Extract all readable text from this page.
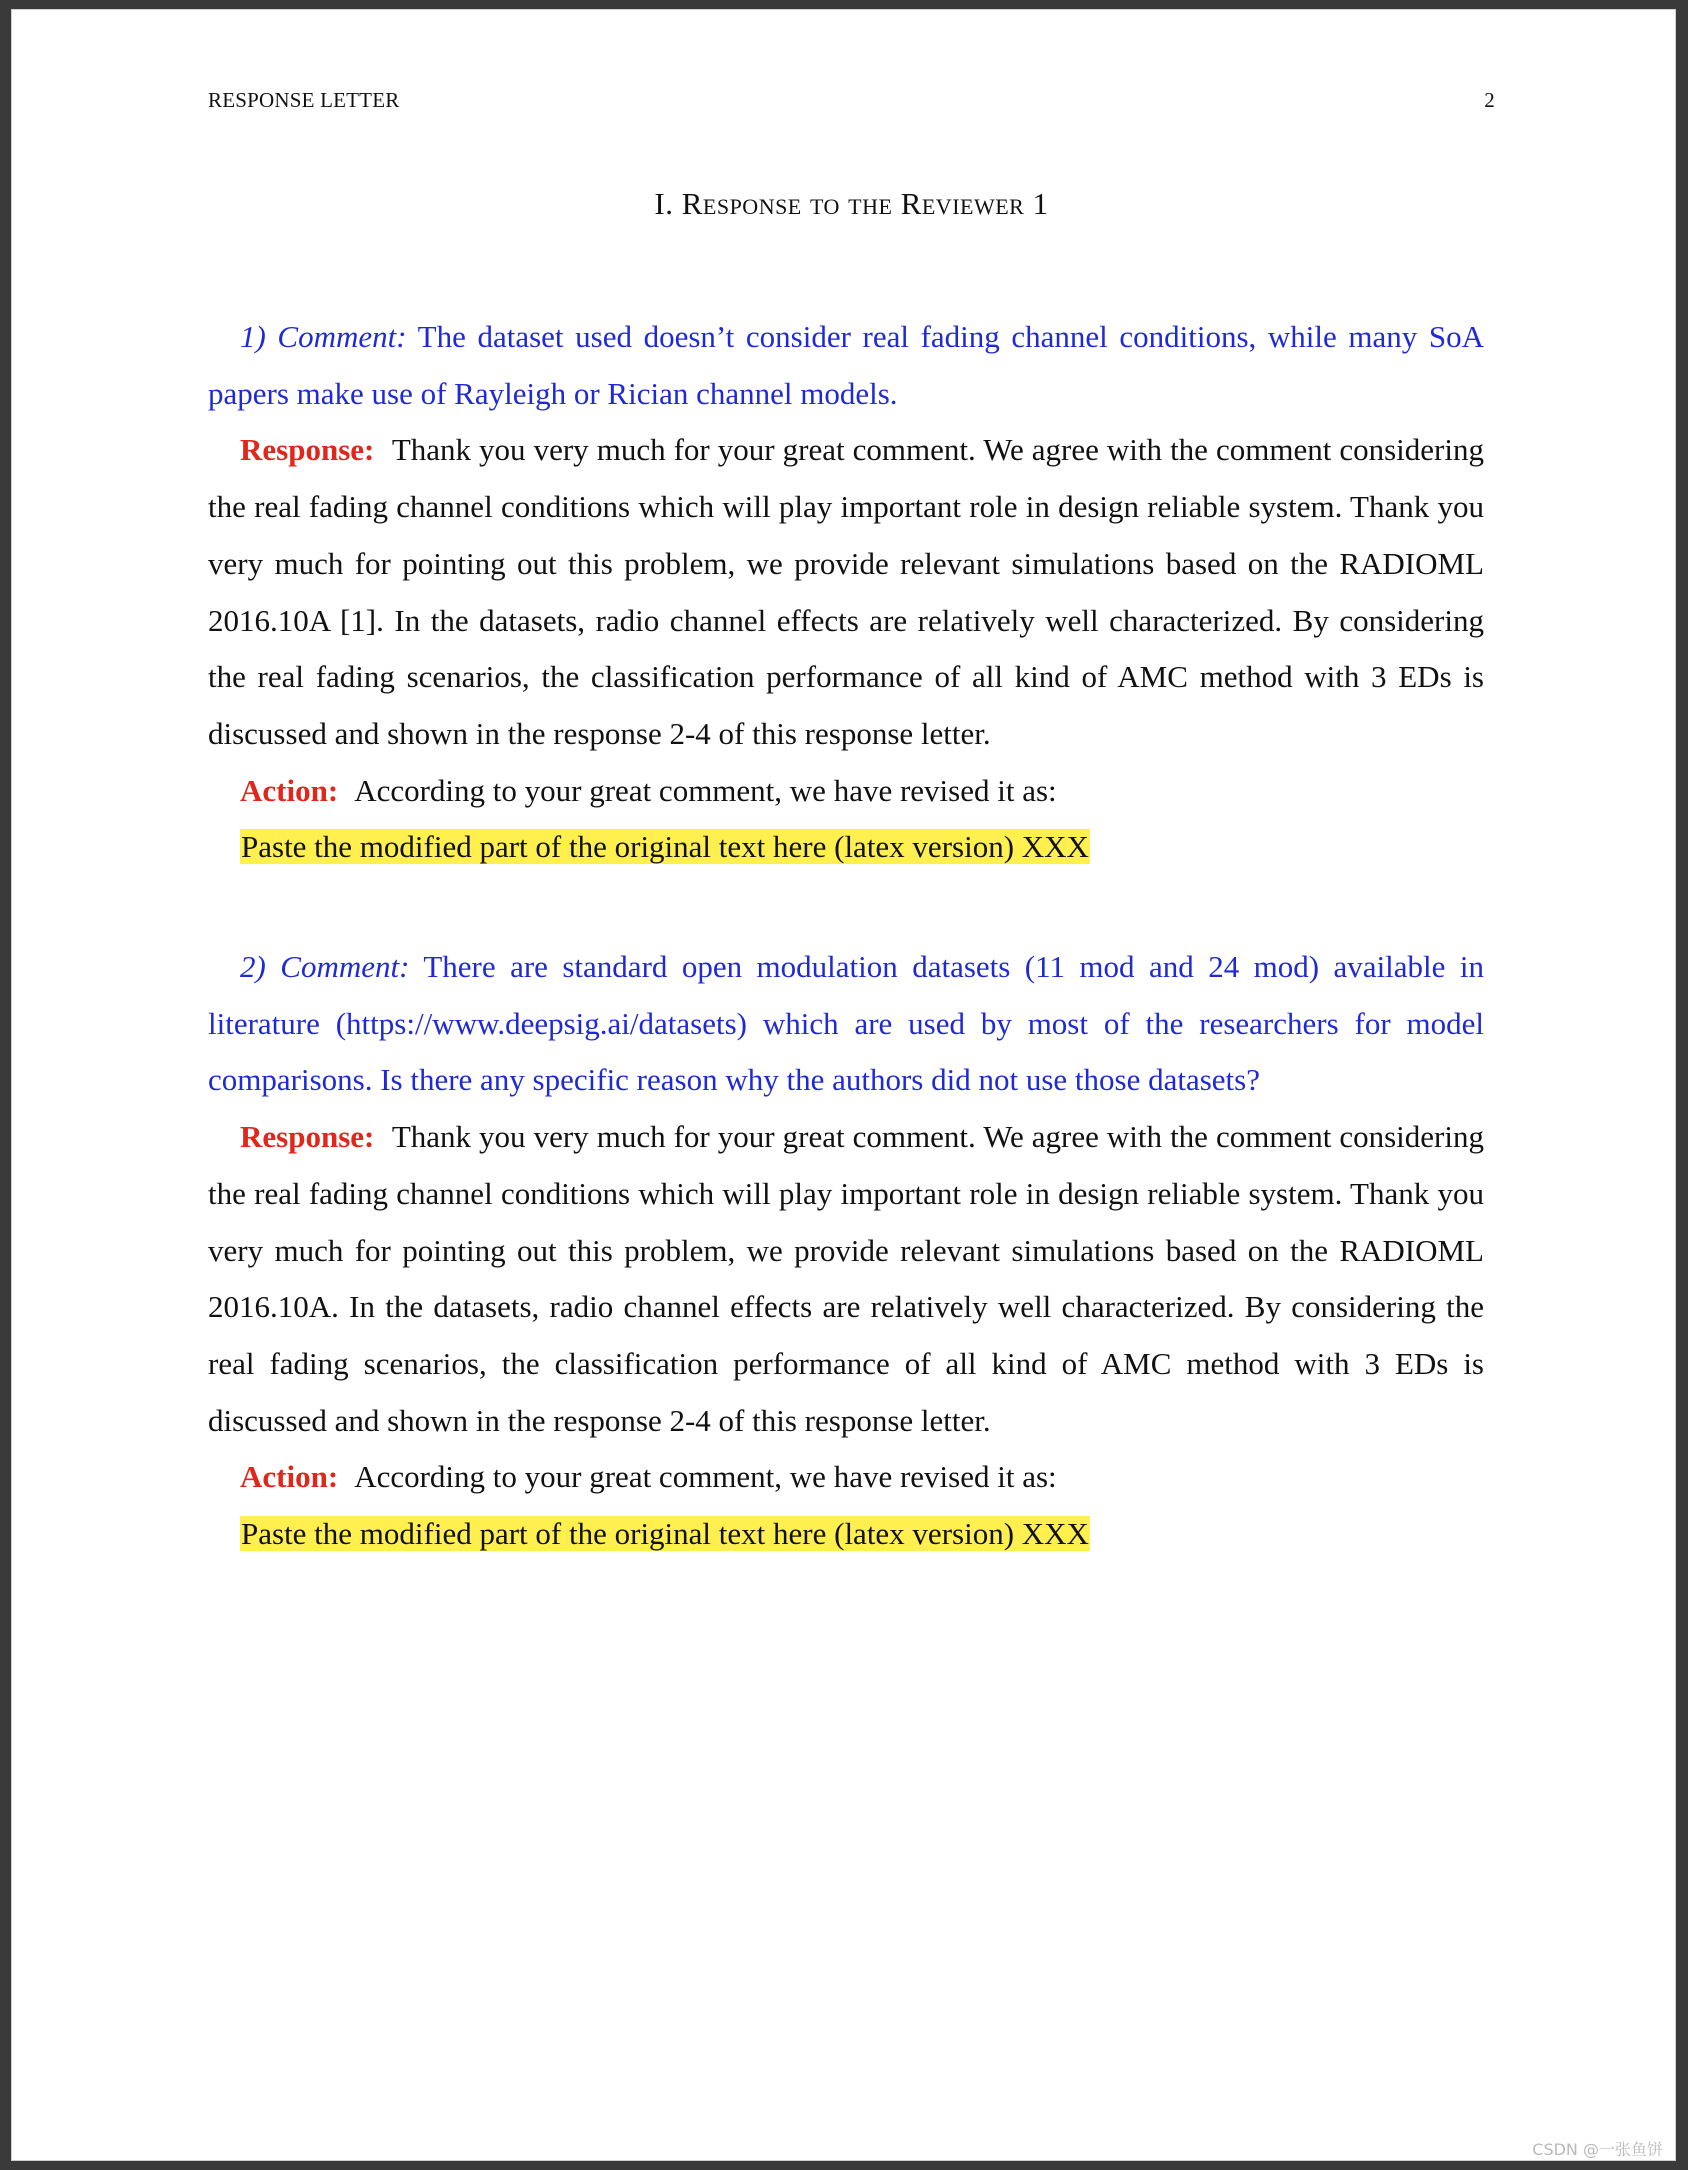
RESPONSE LETTER	2
I. Response to the Reviewer 1

1) Comment: The dataset used doesn’t consider real fading channel conditions, while many SoA papers make use of Rayleigh or Rician channel models.

Response: Thank you very much for your great comment. We agree with the comment considering the real fading channel conditions which will play important role in design reliable system. Thank you very much for pointing out this problem, we provide relevant simulations based on the RADIOML 2016.10A [1]. In the datasets, radio channel effects are relatively well characterized. By considering the real fading scenarios, the classification performance of all kind of AMC method with 3 EDs is discussed and shown in the response 2-4 of this response letter.

Action: According to your great comment, we have revised it as:

Paste the modified part of the original text here (latex version) XXX

2) Comment: There are standard open modulation datasets (11 mod and 24 mod) available in literature (https://www.deepsig.ai/datasets) which are used by most of the researchers for model comparisons. Is there any specific reason why the authors did not use those datasets?

Response: Thank you very much for your great comment. We agree with the comment considering the real fading channel conditions which will play important role in design reliable system. Thank you very much for pointing out this problem, we provide relevant simulations based on the RADIOML 2016.10A. In the datasets, radio channel effects are relatively well characterized. By considering the real fading scenarios, the classification performance of all kind of AMC method with 3 EDs is discussed and shown in the response 2-4 of this response letter.

Action: According to your great comment, we have revised it as:

Paste the modified part of the original text here (latex version) XXX

CSDN @一张鱼饼
